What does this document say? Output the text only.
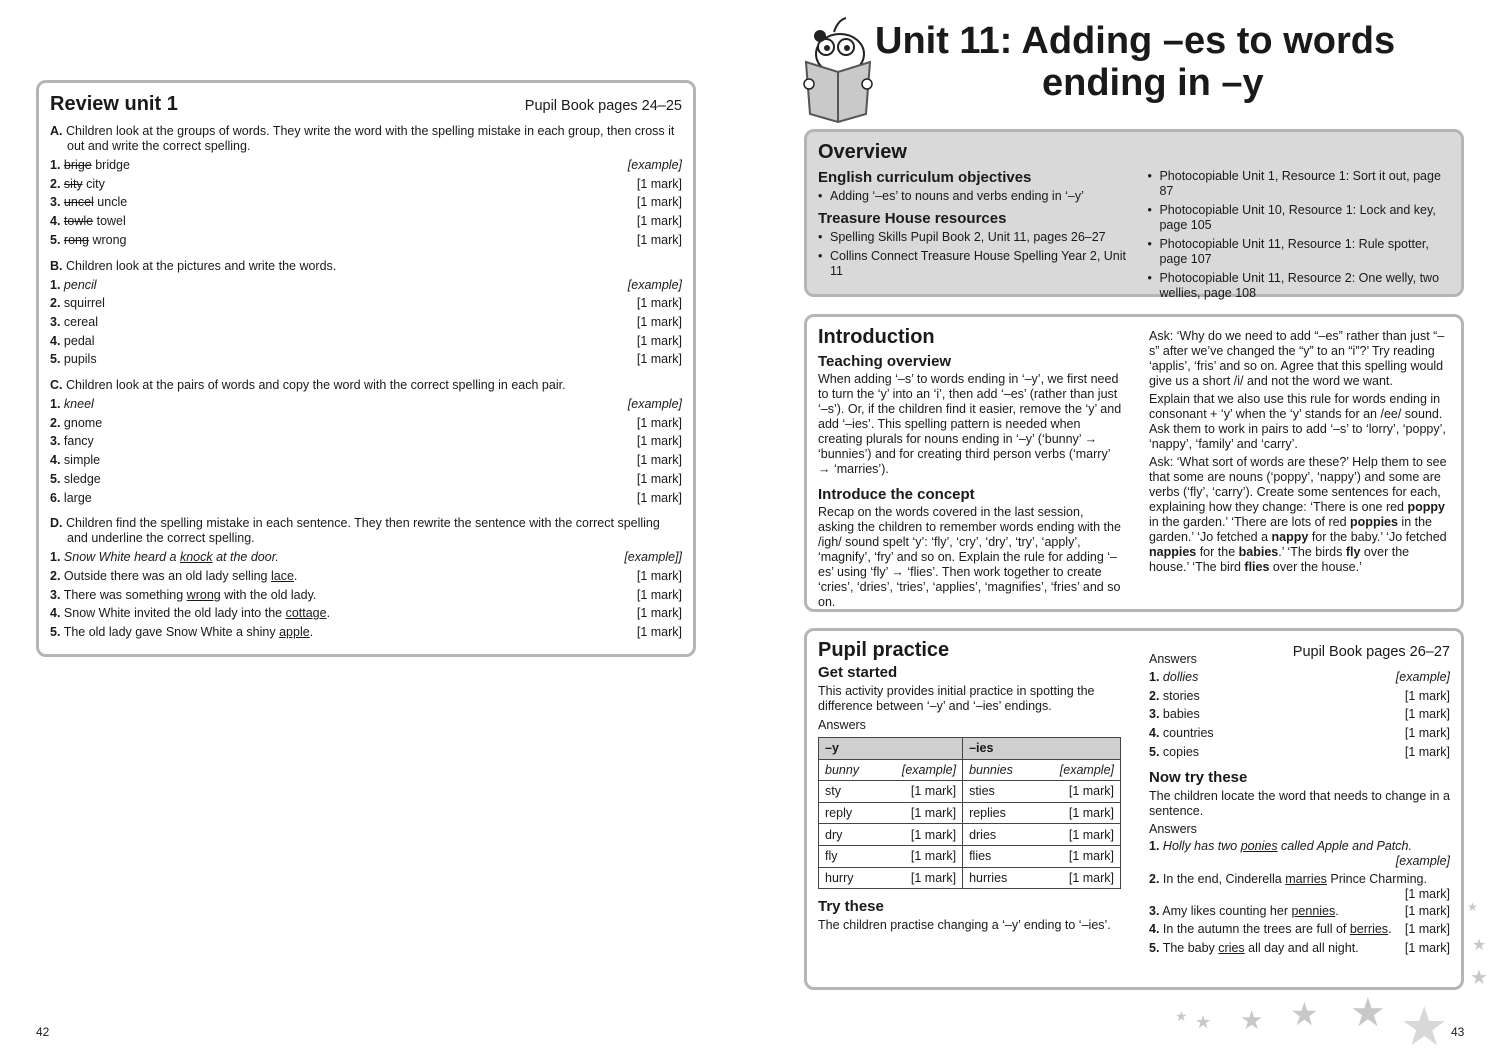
Review unit 1	Pupil Book pages 24–25
A. Children look at the groups of words. They write the word with the spelling mistake in each group, then cross it out and write the correct spelling.
1. brige bridge	[example]
2. sity city	[1 mark]
3. uncel uncle	[1 mark]
4. towle towel	[1 mark]
5. rong wrong	[1 mark]
B. Children look at the pictures and write the words.
1. pencil	[example]
2. squirrel	[1 mark]
3. cereal	[1 mark]
4. pedal	[1 mark]
5. pupils	[1 mark]
C. Children look at the pairs of words and copy the word with the correct spelling in each pair.
1. kneel	[example]
2. gnome	[1 mark]
3. fancy	[1 mark]
4. simple	[1 mark]
5. sledge	[1 mark]
6. large	[1 mark]
D. Children find the spelling mistake in each sentence. They then rewrite the sentence with the correct spelling and underline the correct spelling.
1. Snow White heard a knock at the door.	[example]]
2. Outside there was an old lady selling lace.	[1 mark]
3. There was something wrong with the old lady.	[1 mark]
4. Snow White invited the old lady into the cottage.	[1 mark]
5. The old lady gave Snow White a shiny apple.	[1 mark]
42
Unit 11: Adding –es to words
ending in –y
Overview
English curriculum objectives
• Adding ‘–es’ to nouns and verbs ending in ‘–y’
Treasure House resources
• Spelling Skills Pupil Book 2, Unit 11, pages 26–27
• Collins Connect Treasure House Spelling Year 2, Unit 11
• Photocopiable Unit 1, Resource 1: Sort it out, page 87
• Photocopiable Unit 10, Resource 1: Lock and key, page 105
• Photocopiable Unit 11, Resource 1: Rule spotter, page 107
• Photocopiable Unit 11, Resource 2: One welly, two wellies, page 108
Introduction
Teaching overview
When adding ‘–s’ to words ending in ‘–y’, we first need to turn the ‘y’ into an ‘i’, then add ‘–es’ (rather than just ‘–s’). Or, if the children find it easier, remove the ‘y’ and add ‘–ies’. This spelling pattern is needed when creating plurals for nouns ending in ‘–y’ (‘bunny’ → ‘bunnies’) and for creating third person verbs (‘marry’ → ‘marries’).
Introduce the concept
Recap on the words covered in the last session, asking the children to remember words ending with the /igh/ sound spelt ‘y’: ‘fly’, ‘cry’, ‘dry’, ‘try’, ‘apply’, ‘magnify’, ‘fry’ and so on. Explain the rule for adding ‘–es’ using ‘fly’ → ‘flies’. Then work together to create ‘cries’, ‘dries’, ‘tries’, ‘applies’, ‘magnifies’, ‘fries’ and so on.
Ask: ‘Why do we need to add “–es” rather than just “–s” after we’ve changed the “y” to an “i”?’ Try reading ‘applis’, ‘fris’ and so on. Agree that this spelling would give us a short /i/ and not the word we want.
Explain that we also use this rule for words ending in consonant + ‘y’ when the ‘y’ stands for an /ee/ sound. Ask them to work in pairs to add ‘–s’ to ‘lorry’, ‘poppy’, ‘nappy’, ‘family’ and ‘carry’.
Ask: ‘What sort of words are these?’ Help them to see that some are nouns (‘poppy’, ‘nappy’) and some are verbs (‘fly’, ‘carry’). Create some sentences for each, explaining how they change: ‘There is one red poppy in the garden.’ ‘There are lots of red poppies in the garden.’ ‘Jo fetched a nappy for the baby.’ ‘Jo fetched nappies for the babies.’ ‘The birds fly over the house.’ ‘The bird flies over the house.’
Pupil practice	Pupil Book pages 26–27
Get started
This activity provides initial practice in spotting the difference between ‘–y’ and ‘–ies’ endings.
Answers
–y	–ies

bunny [example]	bunnies [example]

sty [1 mark]	sties [1 mark]

reply [1 mark]	replies [1 mark]

dry [1 mark]	dries [1 mark]

fly [1 mark]	flies [1 mark]

hurry [1 mark]	hurries [1 mark]
Try these
The children practise changing a ‘–y’ ending to ‘–ies’.
Answers
1. dollies	[example]
2. stories	[1 mark]
3. babies	[1 mark]
4. countries	[1 mark]
5. copies	[1 mark]
Now try these
The children locate the word that needs to change in a sentence.
Answers
1. Holly has two ponies called Apple and Patch.
[example]
2. In the end, Cinderella marries Prince Charming.
[1 mark]
3. Amy likes counting her pennies.	[1 mark]
4. In the autumn the trees are full of berries. [1 mark]
5. The baby cries all day and all night.	[1 mark]
★ ★ ★ ★ ★ ★
★
★
★
43
